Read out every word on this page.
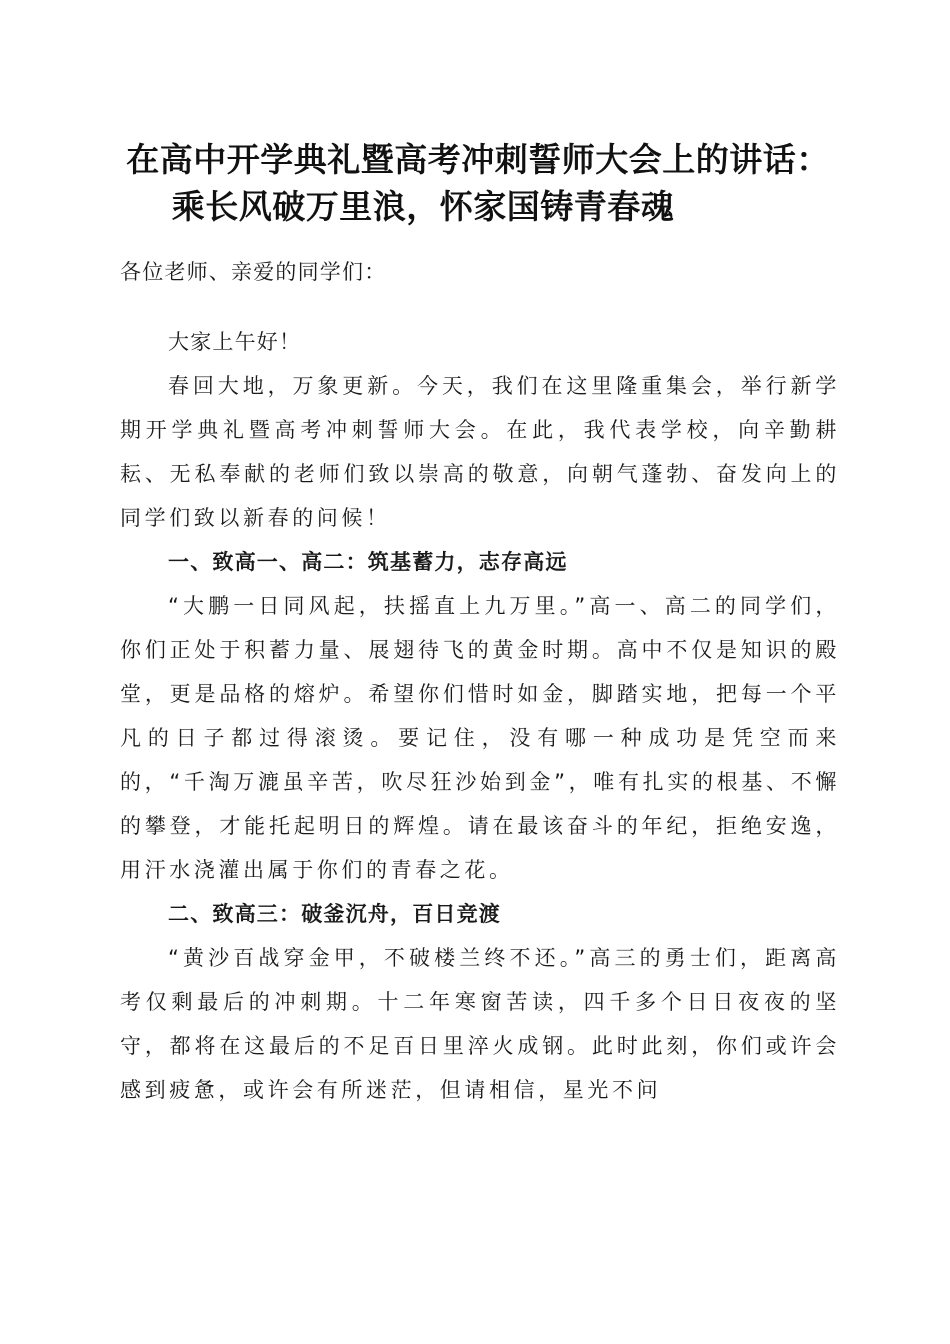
在高中开学典礼暨高考冲刺誓师大会上的讲话：
乘长风破万里浪，怀家国铸青春魂
各位老师、亲爱的同学们：
大家上午好！
春回大地，万象更新。今天，我们在这里隆重集会，举行新学期开学典礼暨高考冲刺誓师大会。在此，我代表学校，向辛勤耕耘、无私奉献的老师们致以崇高的敬意，向朝气蓬勃、奋发向上的同学们致以新春的问候！
一、致高一、高二：筑基蓄力，志存高远
“大鹏一日同风起，扶摇直上九万里。”高一、高二的同学们，你们正处于积蓄力量、展翅待飞的黄金时期。高中不仅是知识的殿堂，更是品格的熔炉。希望你们惜时如金，脚踏实地，把每一个平凡的日子都过得滚烫。要记住，没有哪一种成功是凭空而来的，“千淘万漉虽辛苦，吹尽狂沙始到金”，唯有扎实的根基、不懈的攀登，才能托起明日的辉煌。请在最该奋斗的年纪，拒绝安逸，用汗水浇灌出属于你们的青春之花。
二、致高三：破釜沉舟，百日竞渡
“黄沙百战穿金甲，不破楼兰终不还。”高三的勇士们，距离高考仅剩最后的冲刺期。十二年寒窗苦读，四千多个日日夜夜的坚守，都将在这最后的不足百日里淬火成钢。此时此刻，你们或许会感到疲惫，或许会有所迷茫，但请相信，星光不问
